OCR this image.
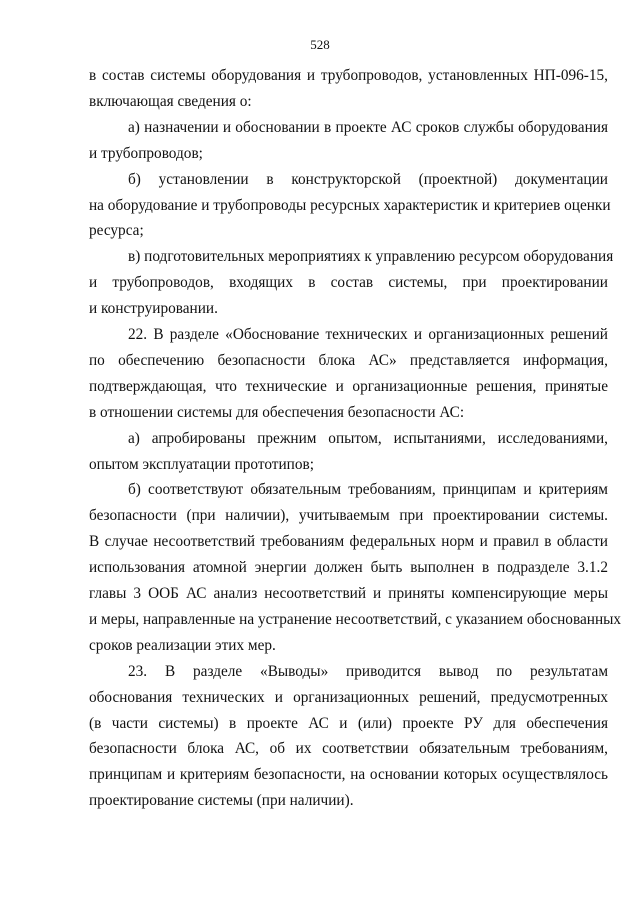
528
в состав системы оборудования и трубопроводов, установленных НП-096-15,
включающая сведения о:
а) назначении и обосновании в проекте АС сроков службы оборудования
и трубопроводов;
б) установлении в конструкторской (проектной) документации
на оборудование и трубопроводы ресурсных характеристик и критериев оценки
ресурса;
в) подготовительных мероприятиях к управлению ресурсом оборудования
и трубопроводов, входящих в состав системы, при проектировании
и конструировании.
22. В разделе «Обоснование технических и организационных решений
по обеспечению безопасности блока АС» представляется информация,
подтверждающая, что технические и организационные решения, принятые
в отношении системы для обеспечения безопасности АС:
а) апробированы прежним опытом, испытаниями, исследованиями,
опытом эксплуатации прототипов;
б) соответствуют обязательным требованиям, принципам и критериям
безопасности (при наличии), учитываемым при проектировании системы.
В случае несоответствий требованиям федеральных норм и правил в области
использования атомной энергии должен быть выполнен в подразделе 3.1.2
главы 3 ООБ АС анализ несоответствий и приняты компенсирующие меры
и меры, направленные на устранение несоответствий, с указанием обоснованных
сроков реализации этих мер.
23. В разделе «Выводы» приводится вывод по результатам
обоснования технических и организационных решений, предусмотренных
(в части системы) в проекте АС и (или) проекте РУ для обеспечения
безопасности блока АС, об их соответствии обязательным требованиям,
принципам и критериям безопасности, на основании которых осуществлялось
проектирование системы (при наличии).
